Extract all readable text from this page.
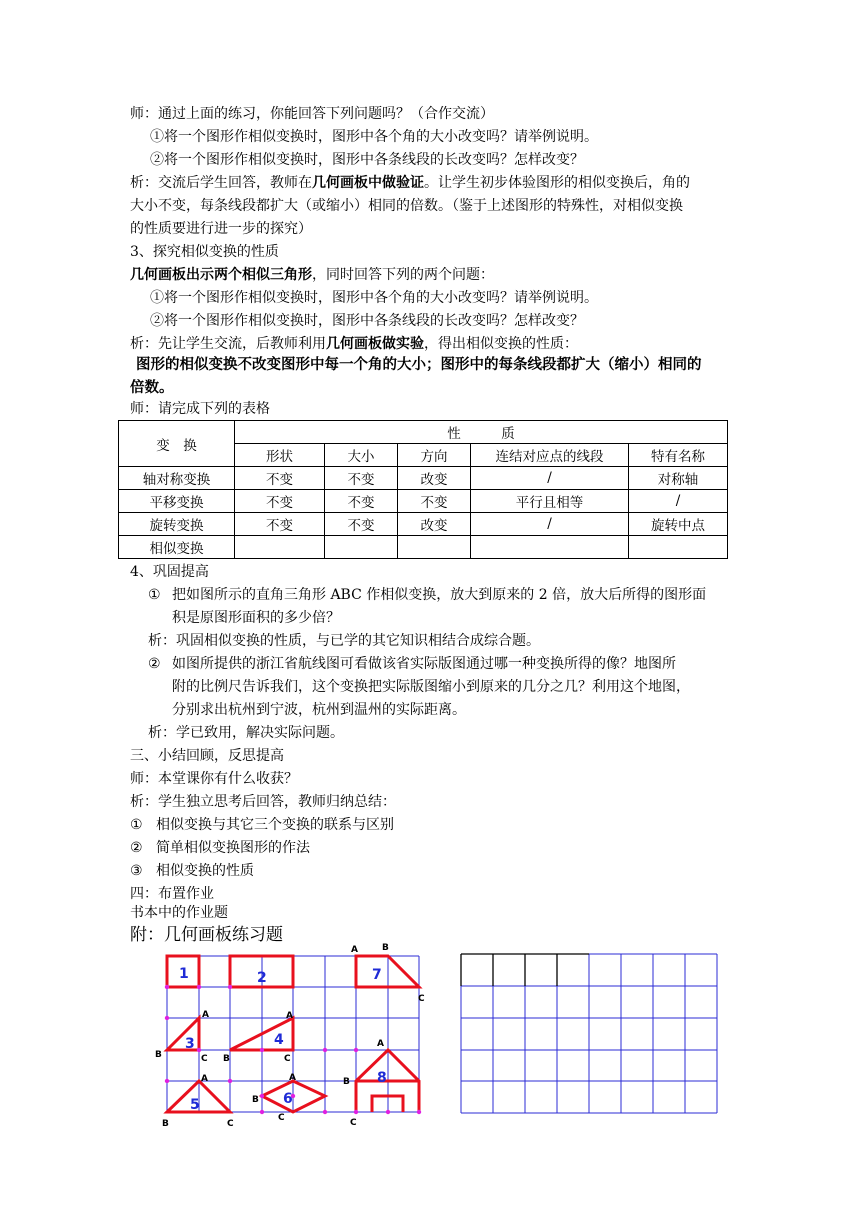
师：通过上面的练习，你能回答下列问题吗？（合作交流）
①将一个图形作相似变换时，图形中各个角的大小改变吗？请举例说明。
②将一个图形作相似变换时，图形中各条线段的长改变吗？怎样改变？
析：交流后学生回答，教师在几何画板中做验证。让学生初步体验图形的相似变换后，角的
大小不变，每条线段都扩大（或缩小）相同的倍数。（鉴于上述图形的特殊性，对相似变换
的性质要进行进一步的探究）
3、探究相似变换的性质
几何画板出示两个相似三角形，同时回答下列的两个问题：
①将一个图形作相似变换时，图形中各个角的大小改变吗？请举例说明。
②将一个图形作相似变换时，图形中各条线段的长改变吗？怎样改变？
析：先让学生交流，后教师利用几何画板做实验，得出相似变换的性质：
图形的相似变换不改变图形中每一个角的大小；图形中的每条线段都扩大（缩小）相同的
倍数。
师：请完成下列的表格
变　换	性　　　质				
	形状	大小	方向	连结对应点的线段	特有名称
轴对称变换	不变	不变	改变	/	对称轴
平移变换	不变	不变	不变	平行且相等	/
旋转变换	不变	不变	改变	/	旋转中点
相似变换					
4、巩固提高
① 把如图所示的直角三角形 ABC 作相似变换，放大到原来的 2 倍，放大后所得的图形面
积是原图形面积的多少倍？
析：巩固相似变换的性质，与已学的其它知识相结合成综合题。
② 如图所提供的浙江省航线图可看做该省实际版图通过哪一种变换所得的像？地图所
附的比例尺告诉我们，这个变换把实际版图缩小到原来的几分之几？利用这个地图，
分别求出杭州到宁波，杭州到温州的实际距离。
析：学已致用，解决实际问题。
三、小结回顾，反思提高
师：本堂课你有什么收获？
析：学生独立思考后回答，教师归纳总结：
① 相似变换与其它三个变换的联系与区别
② 简单相似变换图形的作法
③ 相似变换的性质
四：布置作业
书本中的作业题
附：几何画板练习题
1	2
3	4
5	6
7
8
A	B
C
A
B	C
A
B	C
A
B	C
A
B
C
A
B
C
